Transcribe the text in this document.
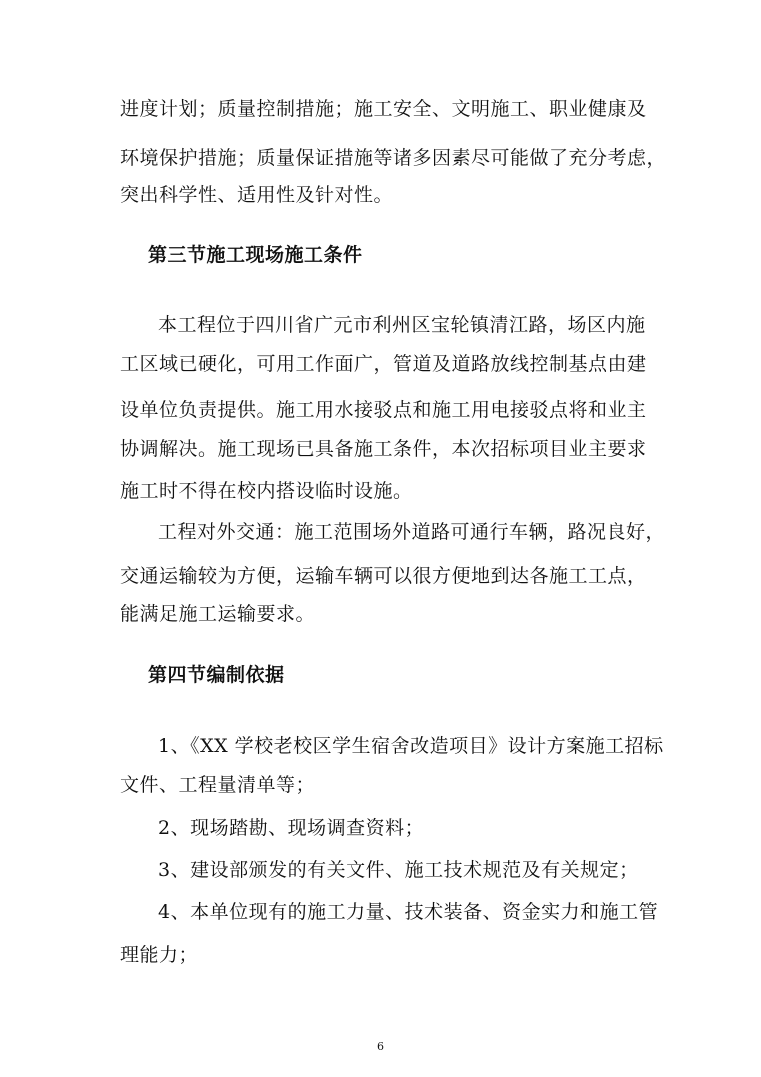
进度计划；质量控制措施；施工安全、文明施工、职业健康及
环境保护措施；质量保证措施等诸多因素尽可能做了充分考虑，
突出科学性、适用性及针对性。
第三节施工现场施工条件
本工程位于四川省广元市利州区宝轮镇清江路，场区内施
工区域已硬化，可用工作面广，管道及道路放线控制基点由建
设单位负责提供。施工用水接驳点和施工用电接驳点将和业主
协调解决。施工现场已具备施工条件，本次招标项目业主要求
施工时不得在校内搭设临时设施。
工程对外交通：施工范围场外道路可通行车辆，路况良好，
交通运输较为方便，运输车辆可以很方便地到达各施工工点，
能满足施工运输要求。
第四节编制依据
1、《XX 学校老校区学生宿舍改造项目》设计方案施工招标
文件、工程量清单等；
2、现场踏勘、现场调查资料；
3、建设部颁发的有关文件、施工技术规范及有关规定；
4、本单位现有的施工力量、技术装备、资金实力和施工管
理能力；
6
